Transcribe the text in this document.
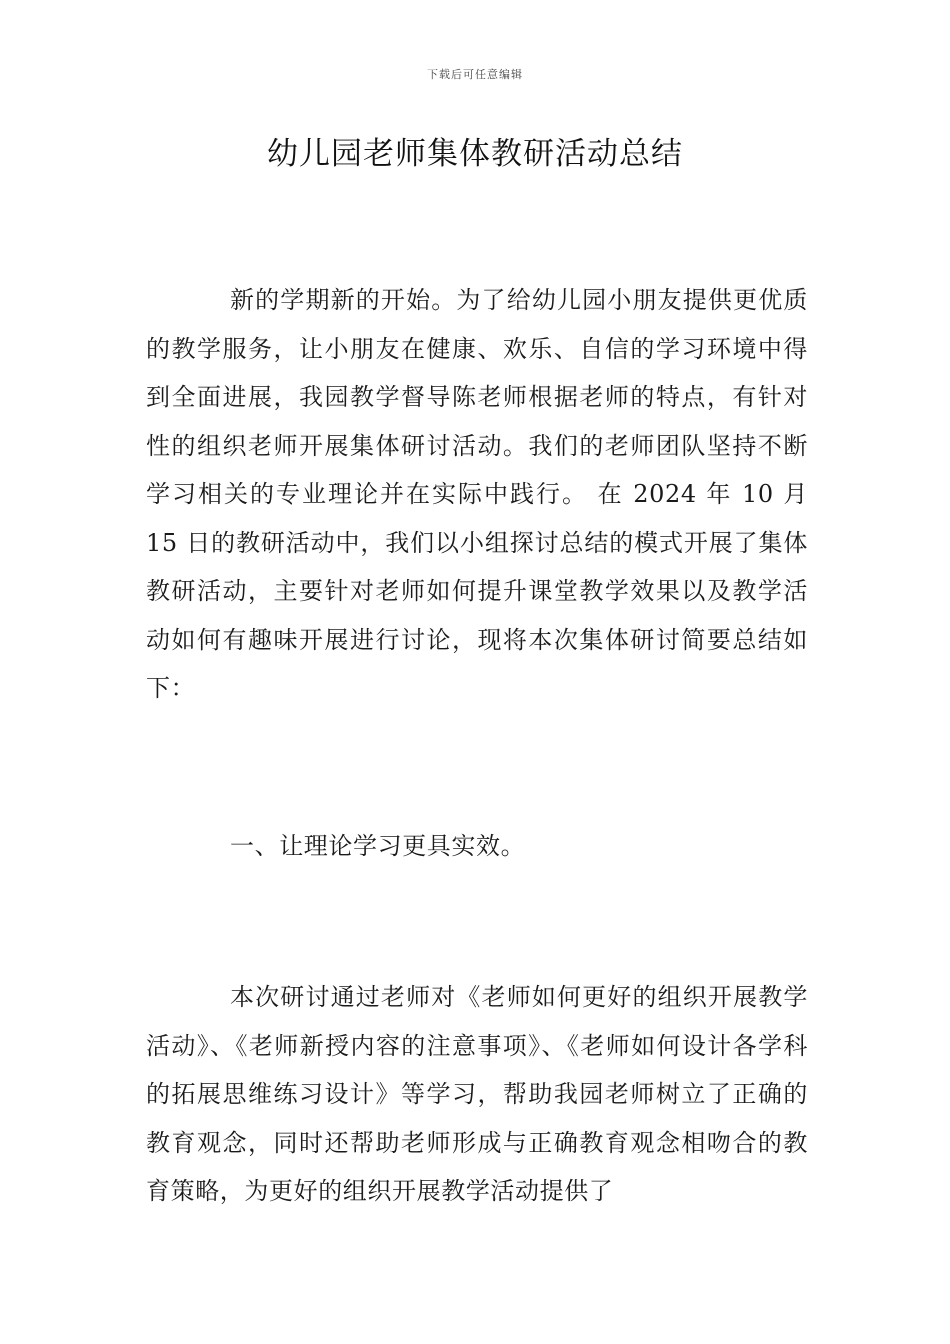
下载后可任意编辑
幼儿园老师集体教研活动总结

新的学期新的开始。为了给幼儿园小朋友提供更优质的教学服务，让小朋友在健康、欢乐、自信的学习环境中得到全面进展，我园教学督导陈老师根据老师的特点，有针对性的组织老师开展集体研讨活动。我们的老师团队坚持不断学习相关的专业理论并在实际中践行。 在 2024 年 10 月 15 日的教研活动中，我们以小组探讨总结的模式开展了集体教研活动，主要针对老师如何提升课堂教学效果以及教学活动如何有趣味开展进行讨论，现将本次集体研讨简要总结如下：

一、让理论学习更具实效。

本次研讨通过老师对《老师如何更好的组织开展教学活动》、《老师新授内容的注意事项》、《老师如何设计各学科的拓展思维练习设计》等学习，帮助我园老师树立了正确的教育观念，同时还帮助老师形成与正确教育观念相吻合的教育策略，为更好的组织开展教学活动提供了
